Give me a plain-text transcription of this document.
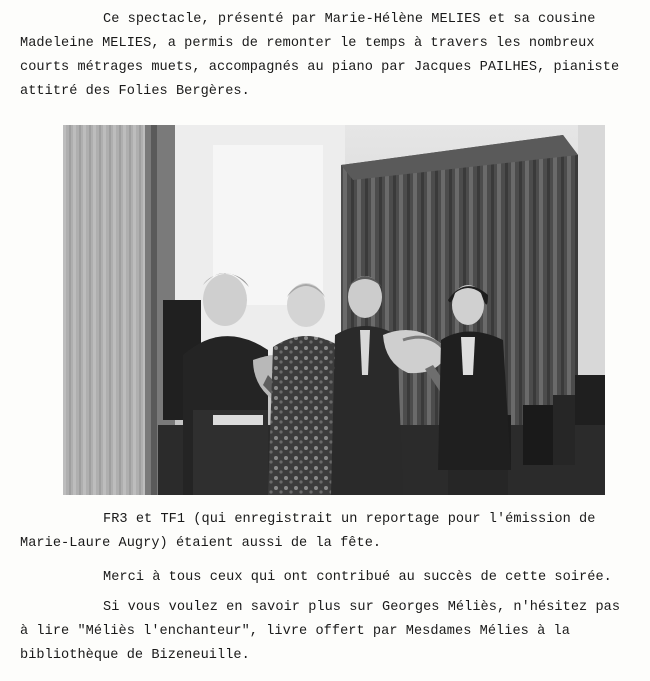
Ce spectacle, présenté par Marie-Hélène MELIES et sa cousine
Madeleine MELIES, a permis de remonter le temps à travers les nombreux
courts métrages muets, accompagnés au piano par Jacques PAILHES, pianiste
attitré des Folies Bergères.
FR3 et TF1 (qui enregistrait un reportage pour l'émission de
Marie-Laure Augry) étaient aussi de la fête.
Merci à tous ceux qui ont contribué au succès de cette soirée.
Si vous voulez en savoir plus sur Georges Méliès, n'hésitez pas
à lire "Méliès l'enchanteur", livre offert par Mesdames Mélies à la
bibliothèque de Bizeneuille.
